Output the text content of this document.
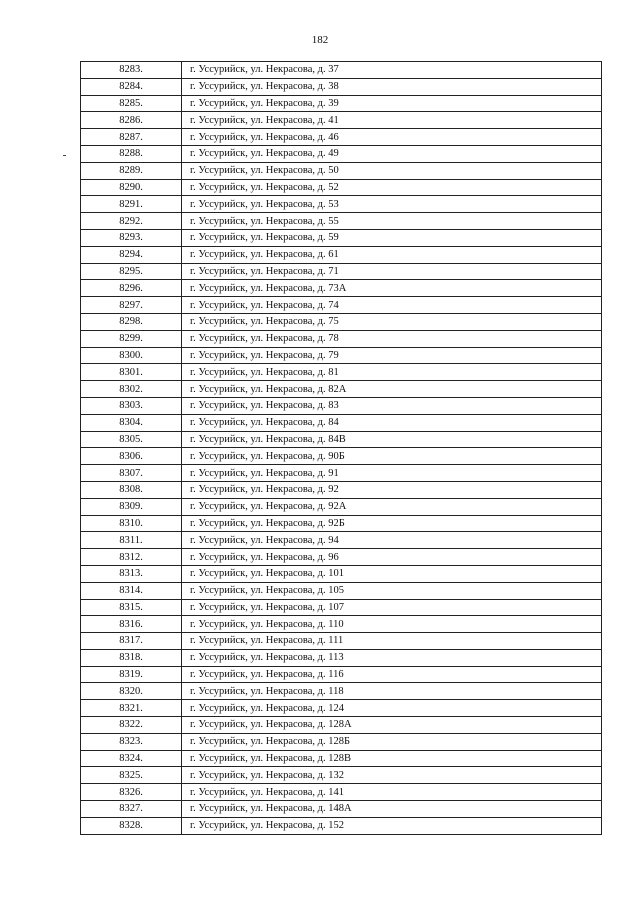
182
8283.	г. Уссурийск, ул. Некрасова, д. 37
8284.	г. Уссурийск, ул. Некрасова, д. 38
8285.	г. Уссурийск, ул. Некрасова, д. 39
8286.	г. Уссурийск, ул. Некрасова, д. 41
8287.	г. Уссурийск, ул. Некрасова, д. 46
8288.	г. Уссурийск, ул. Некрасова, д. 49
8289.	г. Уссурийск, ул. Некрасова, д. 50
8290.	г. Уссурийск, ул. Некрасова, д. 52
8291.	г. Уссурийск, ул. Некрасова, д. 53
8292.	г. Уссурийск, ул. Некрасова, д. 55
8293.	г. Уссурийск, ул. Некрасова, д. 59
8294.	г. Уссурийск, ул. Некрасова, д. 61
8295.	г. Уссурийск, ул. Некрасова, д. 71
8296.	г. Уссурийск, ул. Некрасова, д. 73А
8297.	г. Уссурийск, ул. Некрасова, д. 74
8298.	г. Уссурийск, ул. Некрасова, д. 75
8299.	г. Уссурийск, ул. Некрасова, д. 78
8300.	г. Уссурийск, ул. Некрасова, д. 79
8301.	г. Уссурийск, ул. Некрасова, д. 81
8302.	г. Уссурийск, ул. Некрасова, д. 82А
8303.	г. Уссурийск, ул. Некрасова, д. 83
8304.	г. Уссурийск, ул. Некрасова, д. 84
8305.	г. Уссурийск, ул. Некрасова, д. 84В
8306.	г. Уссурийск, ул. Некрасова, д. 90Б
8307.	г. Уссурийск, ул. Некрасова, д. 91
8308.	г. Уссурийск, ул. Некрасова, д. 92
8309.	г. Уссурийск, ул. Некрасова, д. 92А
8310.	г. Уссурийск, ул. Некрасова, д. 92Б
8311.	г. Уссурийск, ул. Некрасова, д. 94
8312.	г. Уссурийск, ул. Некрасова, д. 96
8313.	г. Уссурийск, ул. Некрасова, д. 101
8314.	г. Уссурийск, ул. Некрасова, д. 105
8315.	г. Уссурийск, ул. Некрасова, д. 107
8316.	г. Уссурийск, ул. Некрасова, д. 110
8317.	г. Уссурийск, ул. Некрасова, д. 111
8318.	г. Уссурийск, ул. Некрасова, д. 113
8319.	г. Уссурийск, ул. Некрасова, д. 116
8320.	г. Уссурийск, ул. Некрасова, д. 118
8321.	г. Уссурийск, ул. Некрасова, д. 124
8322.	г. Уссурийск, ул. Некрасова, д. 128А
8323.	г. Уссурийск, ул. Некрасова, д. 128Б
8324.	г. Уссурийск, ул. Некрасова, д. 128В
8325.	г. Уссурийск, ул. Некрасова, д. 132
8326.	г. Уссурийск, ул. Некрасова, д. 141
8327.	г. Уссурийск, ул. Некрасова, д. 148А
8328.	г. Уссурийск, ул. Некрасова, д. 152
